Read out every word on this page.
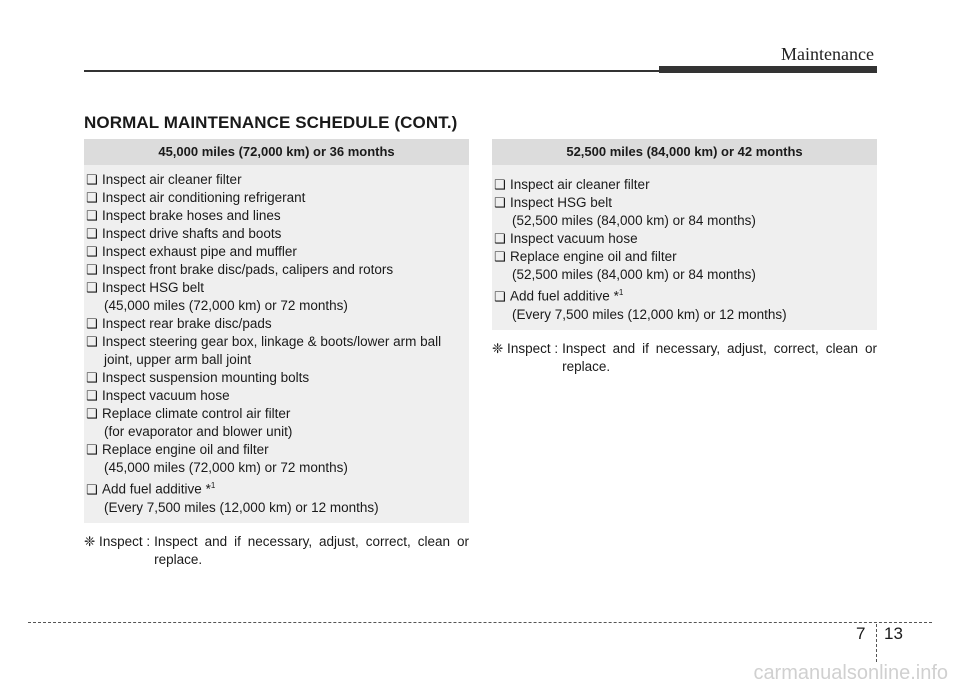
Maintenance
NORMAL MAINTENANCE SCHEDULE (CONT.)
45,000 miles (72,000 km) or 36 months
❑ Inspect air cleaner filter
❑ Inspect air conditioning refrigerant
❑ Inspect brake hoses and lines
❑ Inspect drive shafts and boots
❑ Inspect exhaust pipe and muffler
❑ Inspect front brake disc/pads, calipers and rotors
❑ Inspect HSG belt
(45,000 miles (72,000 km) or 72 months)
❑ Inspect rear brake disc/pads
❑ Inspect steering gear box, linkage & boots/lower arm ball
joint, upper arm ball joint
❑ Inspect suspension mounting bolts
❑ Inspect vacuum hose
❑ Replace climate control air filter
(for evaporator and blower unit)
❑ Replace engine oil and filter
(45,000 miles (72,000 km) or 72 months)
❑ Add fuel additive *$^1$
(Every 7,500 miles (12,000 km) or 12 months)
❈ Inspect : Inspect and if necessary, adjust, correct, clean or replace.
52,500 miles (84,000 km) or 42 months
❑ Inspect air cleaner filter
❑ Inspect HSG belt
(52,500 miles (84,000 km) or 84 months)
❑ Inspect vacuum hose
❑ Replace engine oil and filter
(52,500 miles (84,000 km) or 84 months)
❑ Add fuel additive *$^1$
(Every 7,500 miles (12,000 km) or 12 months)
❈ Inspect : Inspect and if necessary, adjust, correct, clean or replace.
7 13
carmanualsonline.info
